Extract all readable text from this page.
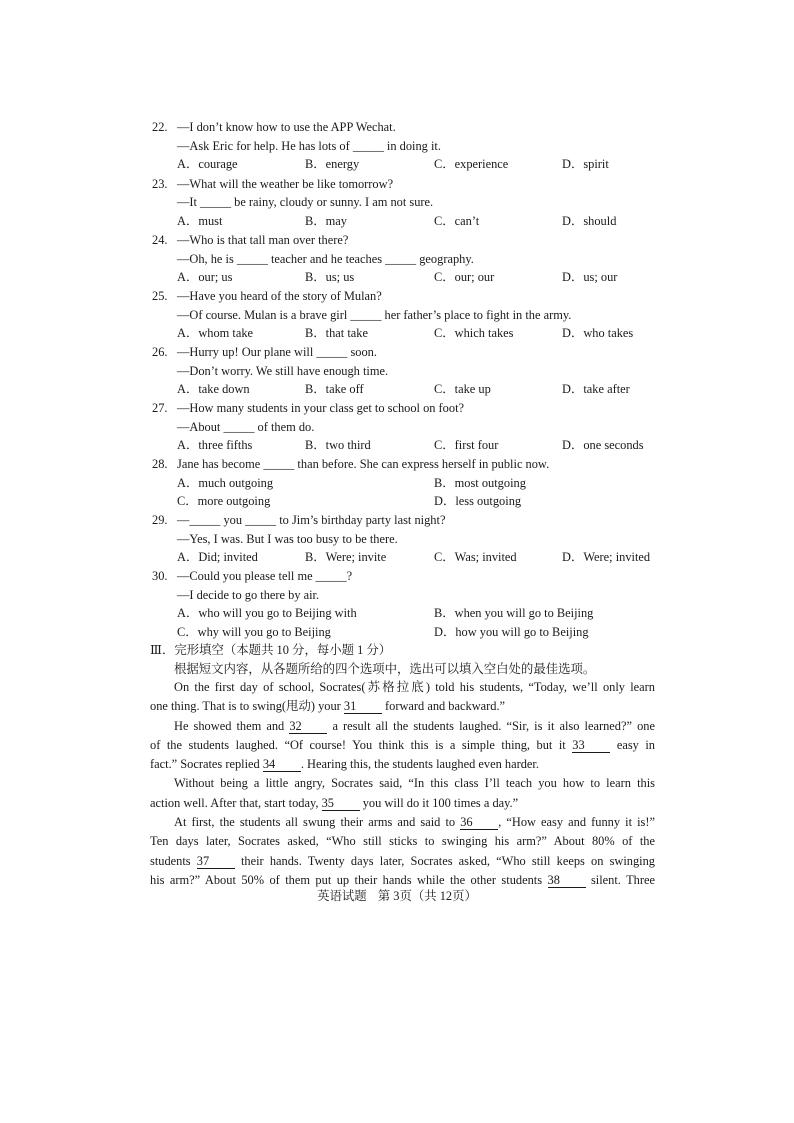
22. —I don’t know how to use the APP Wechat.
—Ask Eric for help. He has lots of _____ in doing it.
A．courage	B．energy	C．experience	D．spirit
23. —What will the weather be like tomorrow?
—It _____ be rainy, cloudy or sunny. I am not sure.
A．must	B．may	C．can’t	D．should
24. —Who is that tall man over there?
—Oh, he is _____ teacher and he teaches _____ geography.
A．our; us	B．us; us	C．our; our	D．us; our
25. —Have you heard of the story of Mulan?
—Of course. Mulan is a brave girl _____ her father’s place to fight in the army.
A．whom take	B．that take	C．which takes	D．who takes
26. —Hurry up! Our plane will _____ soon.
—Don’t worry. We still have enough time.
A．take down	B．take off	C．take up	D．take after
27. —How many students in your class get to school on foot?
—About _____ of them do.
A．three fifths	B．two third	C．first four	D．one seconds
28. Jane has become _____ than before. She can express herself in public now.
A．much outgoing	B．most outgoing
C．more outgoing	D．less outgoing
29. —_____ you _____ to Jim’s birthday party last night?
—Yes, I was. But I was too busy to be there.
A．Did; invited	B．Were; invite	C．Was; invited	D．Were; invited
30. —Could you please tell me _____?
—I decide to go there by air.
A．who will you go to Beijing with	B．when you will go to Beijing
C．why will you go to Beijing	D．how you will go to Beijing
Ⅲ．完形填空（本题共 10 分，每小题 1 分）
根据短文内容，从各题所给的四个选项中，选出可以填入空白处的最佳选项。
On the first day of school, Socrates(苏格拉底) told his students, “Today, we’ll only learn
one thing. That is to swing(甩动) your 31 forward and backward.”
He showed them and 32 a result all the students laughed. “Sir, is it also learned?” one
of the students laughed. “Of course! You think this is a simple thing, but it 33	easy in
fact.” Socrates replied 34 . Hearing this, the students laughed even harder.
Without being a little angry, Socrates said, “In this class I’ll teach you how to learn this
action well. After that, start today, 35 you will do it 100 times a day.”
At first, the students all swung their arms and said to 36 , “How easy and funny it is!”
Ten days later, Socrates asked, “Who still sticks to swinging his arm?” About 80% of the
students 37	their hands. Twenty days later, Socrates asked, “Who still keeps on swinging
his arm?” About 50% of them put up their hands while the other students 38	silent. Three
英语试题 第 3页（共 12页）
